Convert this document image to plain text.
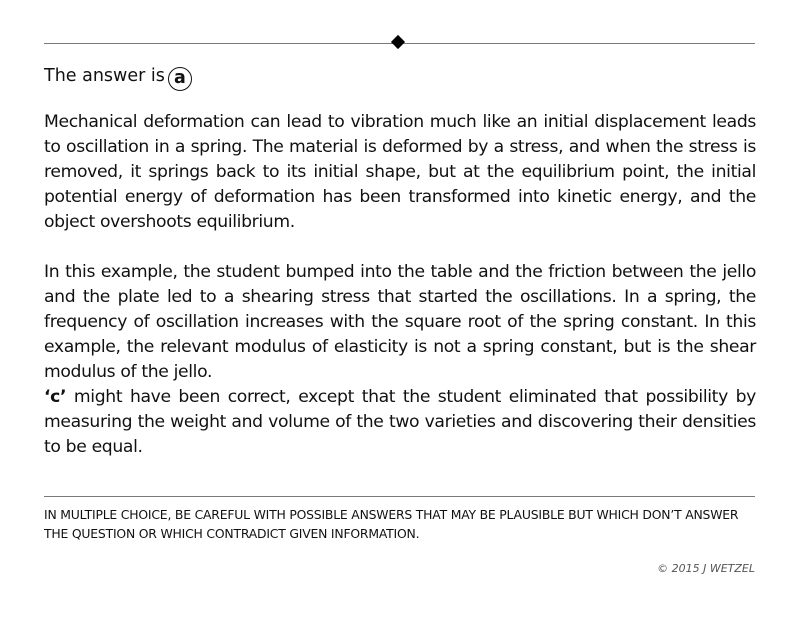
The answer is a

Mechanical deformation can lead to vibration much like an initial displacement leads to oscillation in a spring. The material is deformed by a stress, and when the stress is removed, it springs back to its initial shape, but at the equilibrium point, the initial potential energy of deformation has been transformed into kinetic energy, and the object overshoots equilibrium.

In this example, the student bumped into the table and the friction between the jello and the plate led to a shearing stress that started the oscillations. In a spring, the frequency of oscillation increases with the square root of the spring constant. In this example, the relevant modulus of elasticity is not a spring constant, but is the shear modulus of the jello.

‘c’ might have been correct, except that the student eliminated that possibility by measuring the weight and volume of the two varieties and discovering their densities to be equal.

IN MULTIPLE CHOICE, BE CAREFUL WITH POSSIBLE ANSWERS THAT MAY BE PLAUSIBLE BUT WHICH DON’T ANSWER THE QUESTION OR WHICH CONTRADICT GIVEN INFORMATION.
© 2015 J WETZEL
